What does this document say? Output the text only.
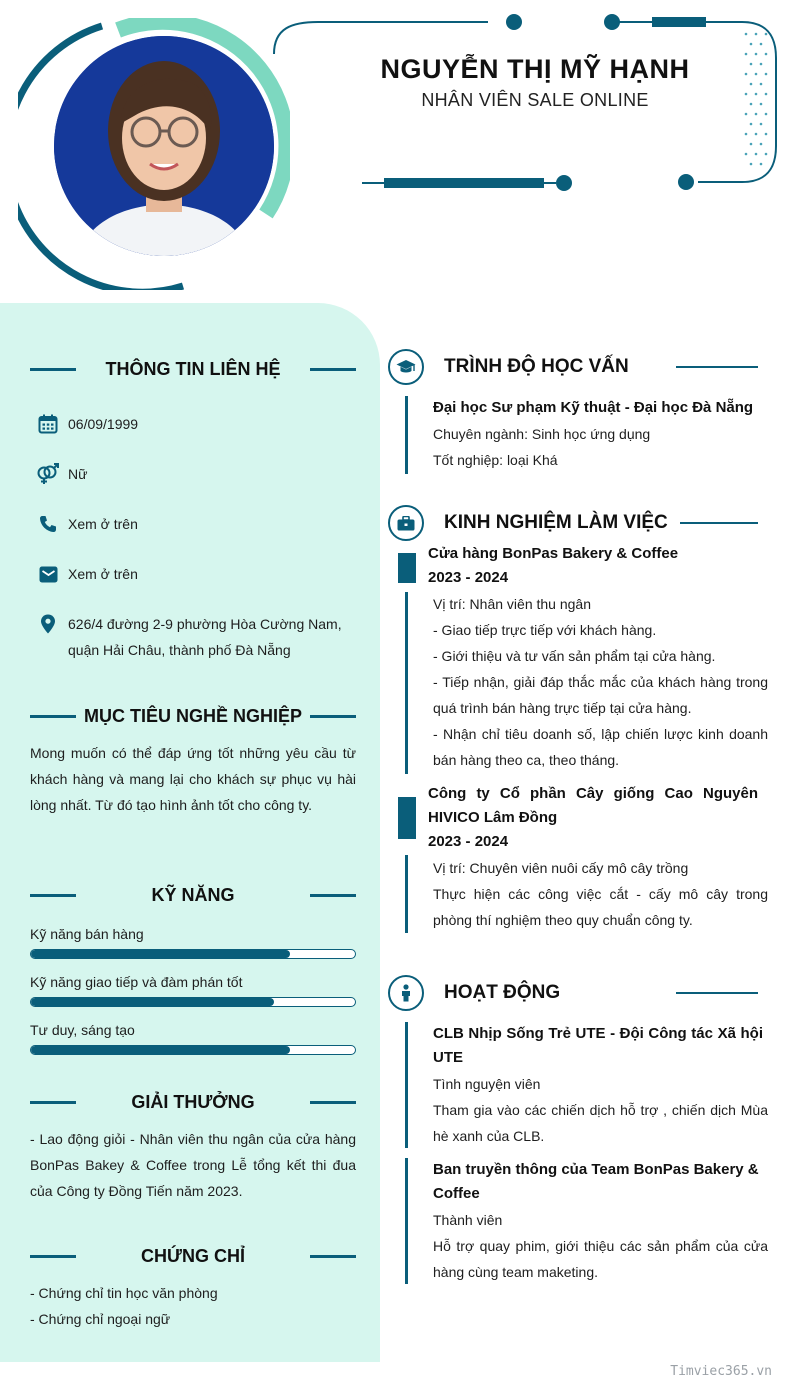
NGUYỄN THỊ MỸ HẠNH
NHÂN VIÊN SALE ONLINE
THÔNG TIN LIÊN HỆ
06/09/1999
Nữ
Xem ở trên
Xem ở trên
626/4 đường 2-9 phường Hòa Cường Nam, quận Hải Châu, thành phố Đà Nẵng
MỤC TIÊU NGHỀ NGHIỆP
Mong muốn có thể đáp ứng tốt những yêu cầu từ khách hàng và mang lại cho khách sự phục vụ hài lòng nhất. Từ đó tạo hình ảnh tốt cho công ty.
KỸ NĂNG
Kỹ năng bán hàng
Kỹ năng giao tiếp và đàm phán tốt
Tư duy, sáng tạo
GIẢI THƯỞNG
- Lao động giỏi - Nhân viên thu ngân của cửa hàng BonPas Bakey & Coffee trong Lễ tổng kết thi đua của Công ty Đồng Tiến năm 2023.
CHỨNG CHỈ
- Chứng chỉ tin học văn phòng
- Chứng chỉ ngoại ngữ
TRÌNH ĐỘ HỌC VẤN
Đại học Sư phạm Kỹ thuật - Đại học Đà Nẵng
Chuyên ngành: Sinh học ứng dụng
Tốt nghiệp: loại Khá
KINH NGHIỆM LÀM VIỆC
Cửa hàng BonPas Bakery & Coffee
2023 - 2024
Vị trí: Nhân viên thu ngân
- Giao tiếp trực tiếp với khách hàng.
- Giới thiệu và tư vấn sản phẩm tại cửa hàng.
- Tiếp nhận, giải đáp thắc mắc của khách hàng trong quá trình bán hàng trực tiếp tại cửa hàng.
- Nhận chỉ tiêu doanh số, lập chiến lược kinh doanh bán hàng theo ca, theo tháng.
Công ty Cổ phần Cây giống Cao Nguyên HIVICO Lâm Đồng
2023 - 2024
Vị trí: Chuyên viên nuôi cấy mô cây trồng
Thực hiện các công việc cắt - cấy mô cây trong phòng thí nghiệm theo quy chuẩn công ty.
HOẠT ĐỘNG
CLB Nhịp Sống Trẻ UTE - Đội Công tác Xã hội UTE
Tình nguyện viên
Tham gia vào các chiến dịch hỗ trợ , chiến dịch Mùa hè xanh của CLB.
Ban truyền thông của Team BonPas Bakery & Coffee
Thành viên
Hỗ trợ quay phim, giới thiệu các sản phẩm của cửa hàng cùng team maketing.
Timviec365.vn
